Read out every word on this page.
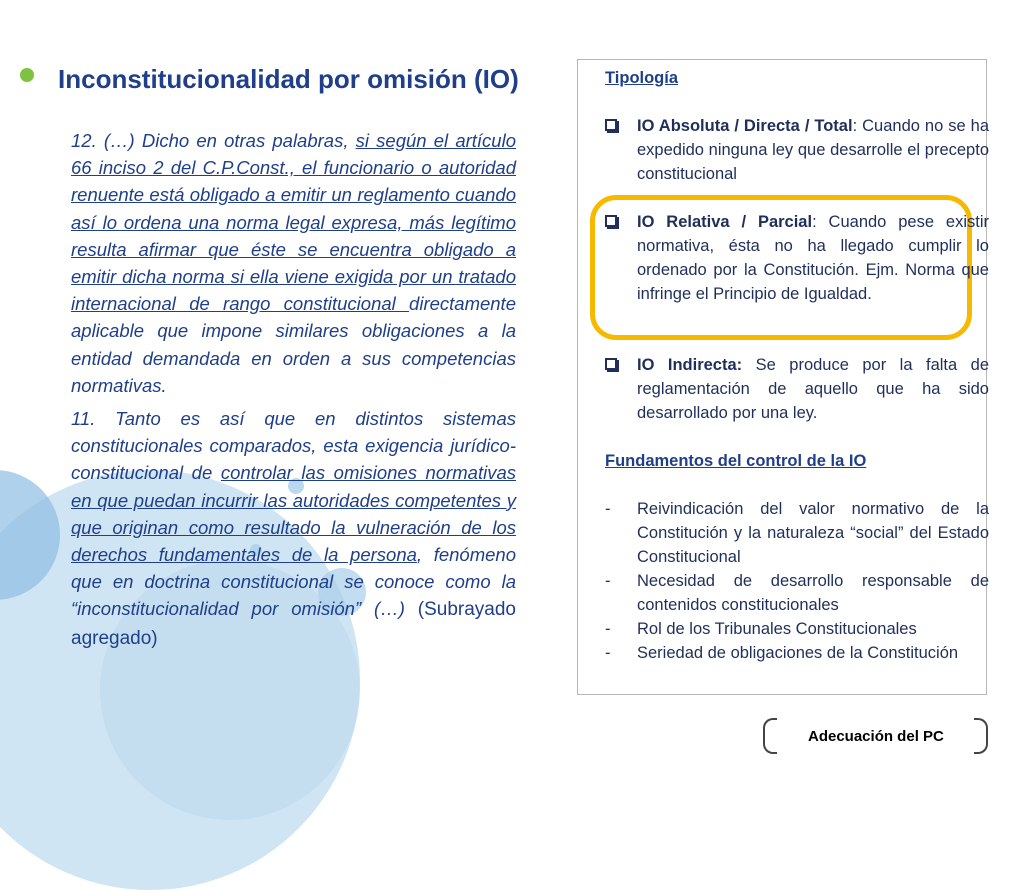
Inconstitucionalidad por omisión (IO)

12. (…) Dicho en otras palabras, si según el artículo 66 inciso 2 del C.P.Const., el funcionario o autoridad renuente está obligado a emitir un reglamento cuando así lo ordena una norma legal expresa, más legítimo resulta afirmar que éste se encuentra obligado a emitir dicha norma si ella viene exigida por un tratado internacional de rango constitucional directamente aplicable que impone similares obligaciones a la entidad demandada en orden a sus competencias normativas.

11. Tanto es así que en distintos sistemas constitucionales comparados, esta exigencia jurídico-constitucional de controlar las omisiones normativas en que puedan incurrir las autoridades competentes y que originan como resultado la vulneración de los derechos fundamentales de la persona, fenómeno que en doctrina constitucional se conoce como la “inconstitucionalidad por omisión” (…) (Subrayado agregado)

Tipología
IO Absoluta / Directa / Total: Cuando no se ha expedido ninguna ley que desarrolle el precepto constitucional
IO Relativa / Parcial: Cuando pese existir normativa, ésta no ha llegado cumplir lo ordenado por la Constitución. Ejm. Norma que infringe el Principio de Igualdad.
IO Indirecta: Se produce por la falta de reglamentación de aquello que ha sido desarrollado por una ley.
Fundamentos del control de la IO
- Reivindicación del valor normativo de la Constitución y la naturaleza “social” del Estado Constitucional
- Necesidad de desarrollo responsable de contenidos constitucionales
- Rol de los Tribunales Constitucionales
- Seriedad de obligaciones de la Constitución
Adecuación del PC
